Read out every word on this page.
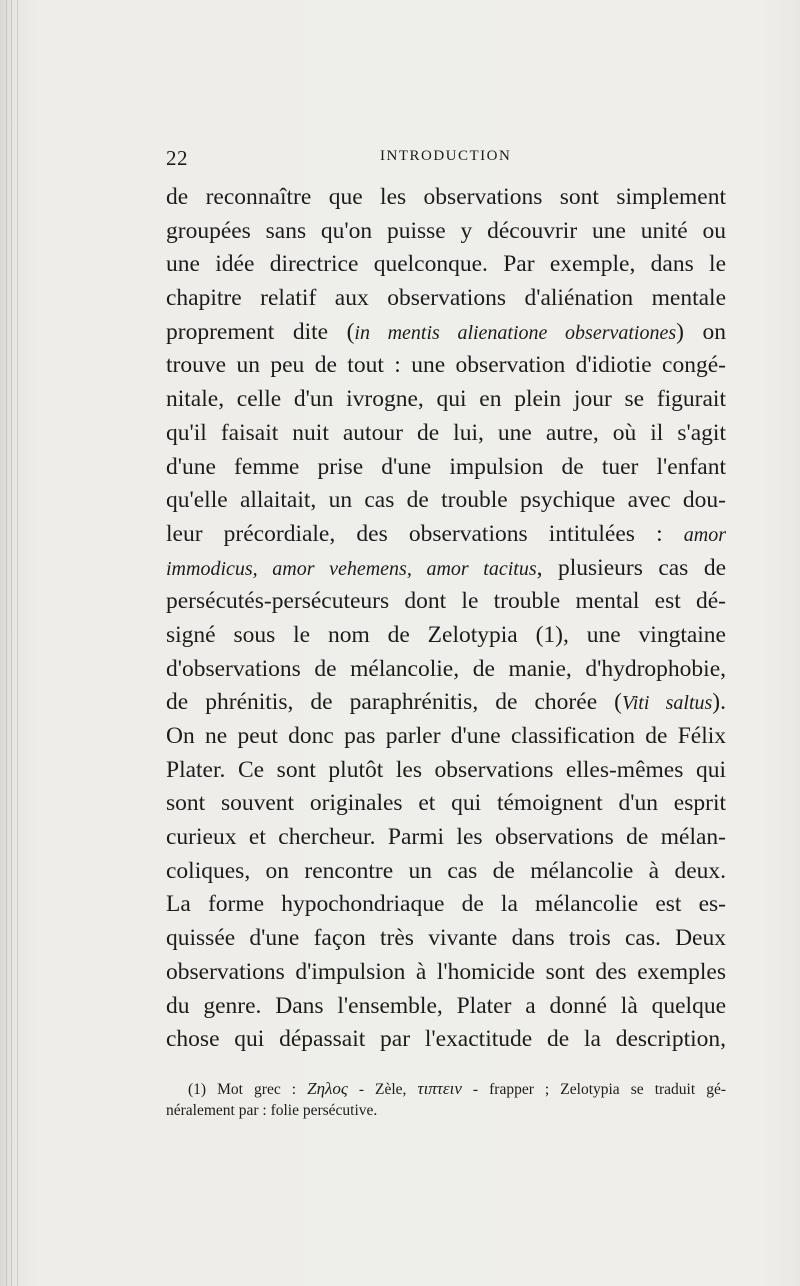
22	INTRODUCTION
de reconnaître que les observations sont simplement
groupées sans qu'on puisse y découvrir une unité ou
une idée directrice quelconque. Par exemple, dans le
chapitre relatif aux observations d'aliénation mentale
proprement dite (in mentis alienatione observationes) on
trouve un peu de tout : une observation d'idiotie congé-
nitale, celle d'un ivrogne, qui en plein jour se figurait
qu'il faisait nuit autour de lui, une autre, où il s'agit
d'une femme prise d'une impulsion de tuer l'enfant
qu'elle allaitait, un cas de trouble psychique avec dou-
leur précordiale, des observations intitulées : amor
immodicus, amor vehemens, amor tacitus, plusieurs cas de
persécutés-persécuteurs dont le trouble mental est dé-
signé sous le nom de Zelotypia (1), une vingtaine
d'observations de mélancolie, de manie, d'hydrophobie,
de phrénitis, de paraphrénitis, de chorée (Viti saltus).
On ne peut donc pas parler d'une classification de Félix
Plater. Ce sont plutôt les observations elles-mêmes qui
sont souvent originales et qui témoignent d'un esprit
curieux et chercheur. Parmi les observations de mélan-
coliques, on rencontre un cas de mélancolie à deux.
La forme hypochondriaque de la mélancolie est es-
quissée d'une façon très vivante dans trois cas. Deux
observations d'impulsion à l'homicide sont des exemples
du genre. Dans l'ensemble, Plater a donné là quelque
chose qui dépassait par l'exactitude de la description,
(1) Mot grec : Ζηλος - Zèle, τιπτειν - frapper ; Zelotypia se traduit gé-
néralement par : folie persécutive.
